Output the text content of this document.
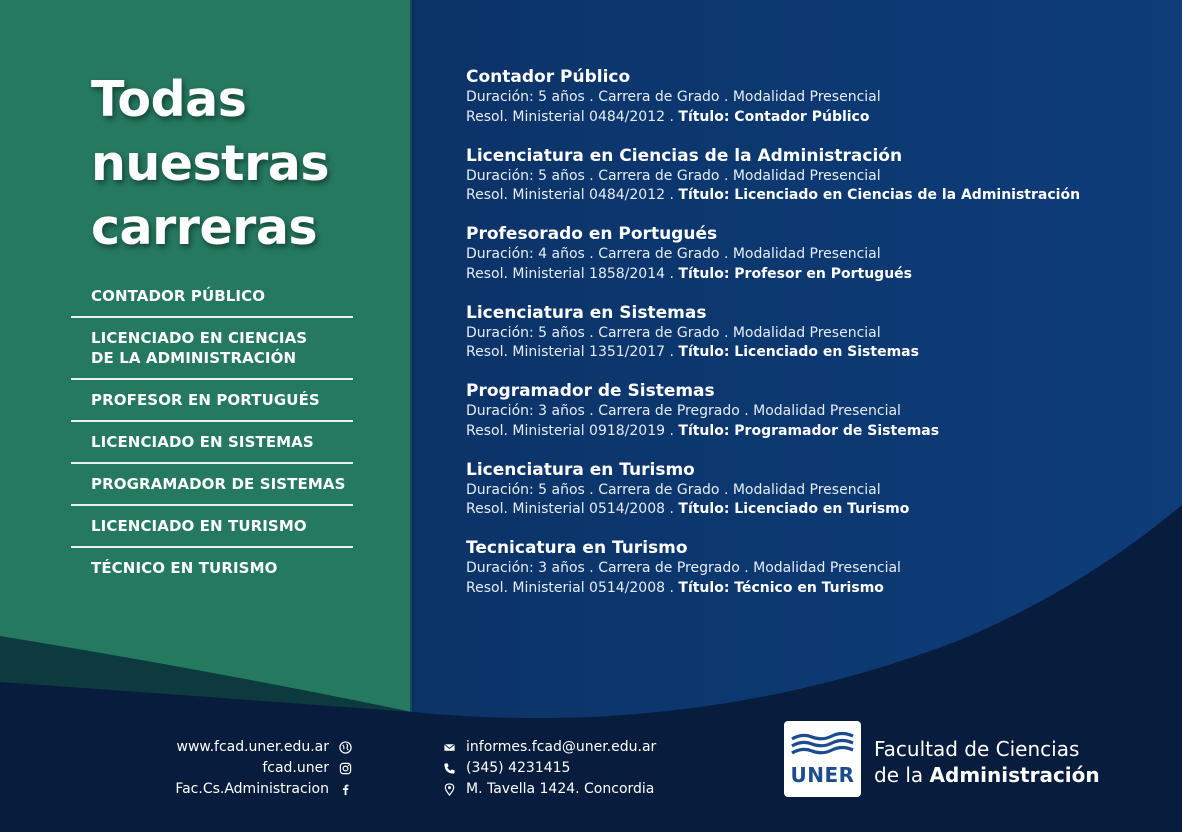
Todas
nuestras
carreras
CONTADOR PÚBLICO
LICENCIADO EN CIENCIAS
DE LA ADMINISTRACIÓN
PROFESOR EN PORTUGUÉS
LICENCIADO EN SISTEMAS
PROGRAMADOR DE SISTEMAS
LICENCIADO EN TURISMO
TÉCNICO EN TURISMO
Contador Público

Duración: 5 años . Carrera de Grado . Modalidad Presencial

Resol. Ministerial 0484/2012 . Título: Contador Público

Licenciatura en Ciencias de la Administración

Duración: 5 años . Carrera de Grado . Modalidad Presencial

Resol. Ministerial 0484/2012 . Título: Licenciado en Ciencias de la Administración

Profesorado en Portugués

Duración: 4 años . Carrera de Grado . Modalidad Presencial

Resol. Ministerial 1858/2014 . Título: Profesor en Portugués

Licenciatura en Sistemas

Duración: 5 años . Carrera de Grado . Modalidad Presencial

Resol. Ministerial 1351/2017 . Título: Licenciado en Sistemas

Programador de Sistemas

Duración: 3 años . Carrera de Pregrado . Modalidad Presencial

Resol. Ministerial 0918/2019 . Título: Programador de Sistemas

Licenciatura en Turismo

Duración: 5 años . Carrera de Grado . Modalidad Presencial

Resol. Ministerial 0514/2008 . Título: Licenciado en Turismo

Tecnicatura en Turismo

Duración: 3 años . Carrera de Pregrado . Modalidad Presencial

Resol. Ministerial 0514/2008 . Título: Técnico en Turismo

www.fcad.uner.edu.ar
fcad.uner
Fac.Cs.Administracion
informes.fcad@uner.edu.ar
(345) 4231415
M. Tavella 1424. Concordia
UNER
Facultad de Ciencias
de la Administración
